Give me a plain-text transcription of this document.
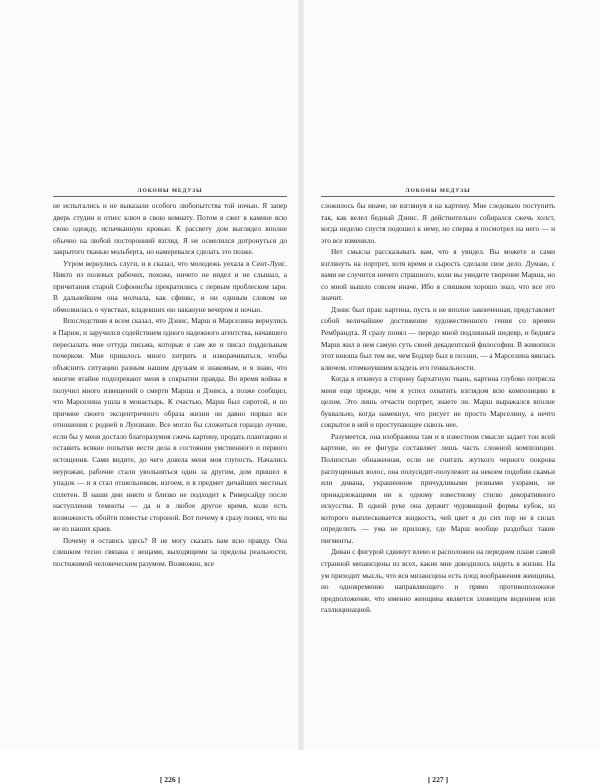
ЛОКОНЫ МЕДУЗЫ

не испытались и не выказали особого любопытства той ночью. Я запер дверь студии и отнес ключ в свою комнату. Потом я сжег в камине всю свою одежду, испачканную кровью. К рассвету дом выглядел вполне обычно на любой посторонний взгляд. Я не осмелился дотронуться до закрытого тканью мольберта, но намеревался сделать это позже.

Утром вернулись слуги, и я сказал, что молодежь уехала в Сент-Луис. Никто из полевых рабочих, похоже, ничего не видел и не слышал, а причитания старой Софонисбы прекратились с первым проблеском зари. В дальнейшем она молчала, как сфинкс, и ни единым словом не обмолвилась о чувствах, владевших ею накануне вечером и ночью.

Впоследствии я всем сказал, что Дэнис, Марш и Марселина вернулись в Париж, и заручился содействием одного надежного агентства, начавшего пересылать мне оттуда письма, которые я сам же и писал поддельным почерком. Мне пришлось много хитрить и изворачиваться, чтобы объяснить ситуацию разным нашим друзьям и знакомым, и я знаю, что многие втайне подозревают меня в сокрытии правды. Во время войны я получил много извещений о смерти Марша и Дэниса, а позже сообщил, что Марселина ушла в монастырь. К счастью, Марш был сиротой, и по причине своего эксцентричного образа жизни он давно порвал все отношения с родней в Луизиане. Все могло бы сложиться гораздо лучше, если бы у меня достало благоразумия сжечь картину, продать плантацию и оставить всякие попытки вести дела в состоянии умственного и первого истощения. Сами видите, до чего довела меня моя глупость. Начались неурожаи, рабочие стали увольняться один за другим, дом пришел в упадок — и я стал отшельником, изгоем, и в предмет дичайших местных сплетен. В наши дни никто и близко не подходит к Риверсайду после наступления темноты — да и в любое другое время, коли есть возможность обойти поместье стороной. Вот почему я сразу понял, что вы не из наших краев.

Почему я остаюсь здесь? Я не могу сказать вам всю правду. Она слишком тесно связана с вещами, выходящими за пределы реальности, постижимой человеческим разумом. Возможно, все

[ 226 ]
ЛОКОНЫ МЕДУЗЫ

сложилось бы иначе, не взглянув я на картину. Мне следовало поступить так, как велел бедный Дэнис. Я действительно собирался сжечь холст, когда неделю спустя подошел к нему, но сперва я посмотрел на него — и это все изменило.

Нет смысла рассказывать вам, что я увидел. Вы можете и сами взглянуть на портрет, хотя время и сырость сделали свое дело. Думаю, с вами не случится ничего страшного, коли вы увидите творение Марша, но со мной вышло совсем иначе. Ибо я слишком хорошо знал, что все это значит.

Дэнис был прав: картина, пусть и не вполне законченная, представляет собой величайшее достижение художественного гения со времен Рембрандта. Я сразу понял — передо мной подлинный шедевр, и бедняга Марш жил в нем самую суть своей декадентской философии. В живописи этот юноша был тем же, чем Бодлер был в поэзии, — а Марселина явилась ключом, отомкнувшим кладезь его гениальности.

Когда я откинул в сторону бархатную ткань, картина глубоко потрясла меня еще прежде, чем я успел охватить взглядом всю композицию в целом. Это лишь отчасти портрет, знаете ли. Марш выражался вполне буквально, когда намекнул, что рисует не просто Марселину, а нечто сокрытое в ней и проступающее сквозь нее.

Разумеется, она изображена там и в известном смысле задает тон всей картине, но ее фигура составляет лишь часть сложной композиции. Полностью обнаженная, если не считать жуткого черного покрова распущенных волос, она полусидит-полулежит на некоем подобии скамьи или дивана, украшенном причудливыми резными узорами, не принадлежащими ни к одному известному стилю декоративного искусства. В одной руке она держит чудовищной формы кубок, из которого выплескивается жидкость, чей цвет я до сих пор не в силах определить — ума не приложу, где Марш вообще раздобыл такие пигменты.

Диван с фигурой сдвинут влево и расположен на переднем плане самой странной мизансцены из всех, какие мне доводилось видеть в жизни. На ум приходит мысль, что вся мизансцена есть плод воображения женщины, но одновременно направляющего и прямо противоположное предположение, что именно женщина является зловещим видением или галлюцинацией.

[ 227 ]
